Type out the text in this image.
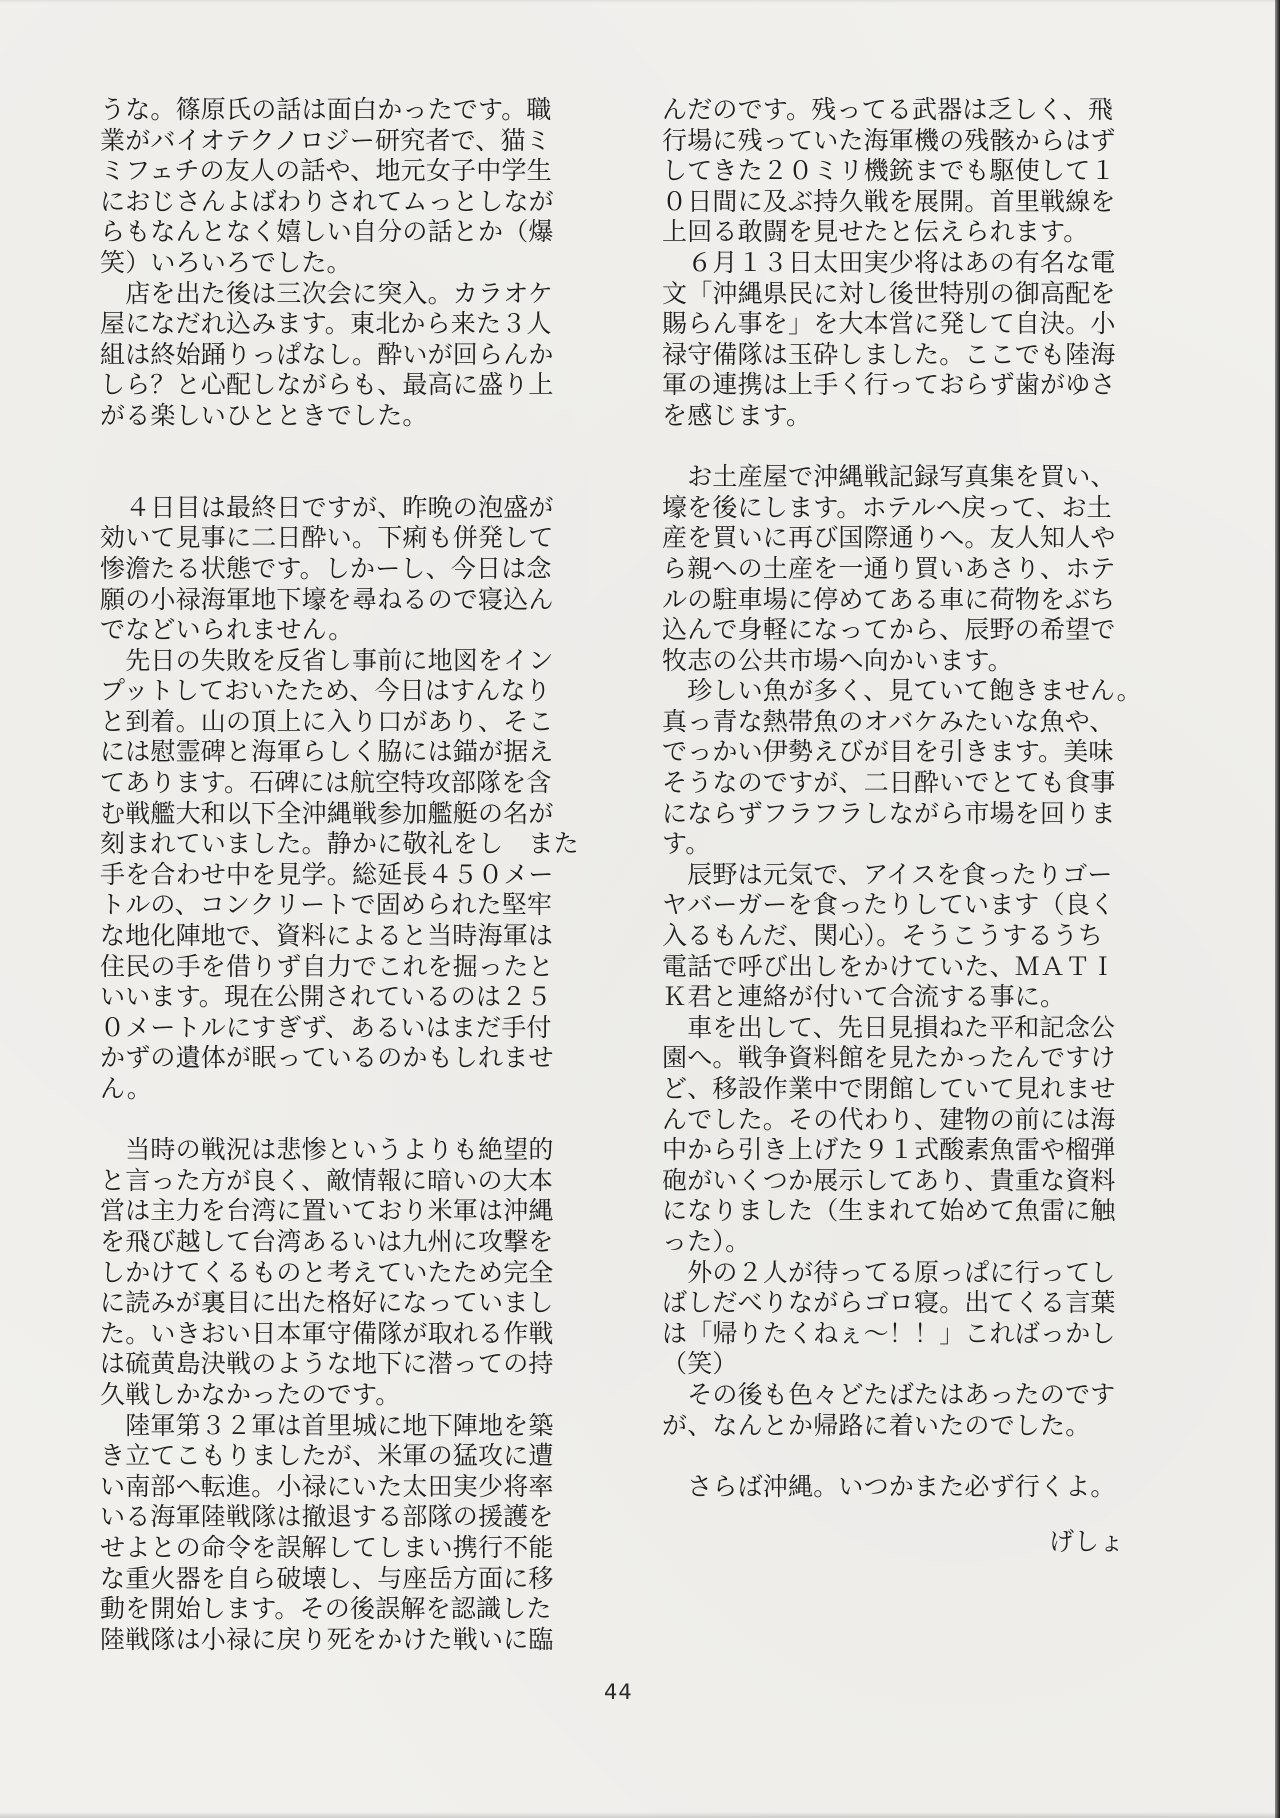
うな。篠原氏の話は面白かったです。職
業がバイオテクノロジー研究者で、猫ミ
ミフェチの友人の話や、地元女子中学生
におじさんよばわりされてムっとしなが
らもなんとなく嬉しい自分の話とか（爆
笑）いろいろでした。
　店を出た後は三次会に突入。カラオケ
屋になだれ込みます。東北から来た３人
組は終始踊りっぱなし。酔いが回らんか
しら？と心配しながらも、最高に盛り上
がる楽しいひとときでした。
　４日目は最終日ですが、昨晩の泡盛が
効いて見事に二日酔い。下痢も併発して
惨澹たる状態です。しかーし、今日は念
願の小禄海軍地下壕を尋ねるので寝込ん
でなどいられません。
　先日の失敗を反省し事前に地図をイン
プットしておいたため、今日はすんなり
と到着。山の頂上に入り口があり、そこ
には慰霊碑と海軍らしく脇には錨が据え
てあります。石碑には航空特攻部隊を含
む戦艦大和以下全沖縄戦参加艦艇の名が
刻まれていました。静かに敬礼をし　また
手を合わせ中を見学。総延長４５０メー
トルの、コンクリートで固められた堅牢
な地化陣地で、資料によると当時海軍は
住民の手を借りず自力でこれを掘ったと
いいます。現在公開されているのは２５
０メートルにすぎず、あるいはまだ手付
かずの遺体が眠っているのかもしれませ
ん。
　当時の戦況は悲惨というよりも絶望的
と言った方が良く、敵情報に暗いの大本
営は主力を台湾に置いており米軍は沖縄
を飛び越して台湾あるいは九州に攻撃を
しかけてくるものと考えていたため完全
に読みが裏目に出た格好になっていまし
た。いきおい日本軍守備隊が取れる作戦
は硫黄島決戦のような地下に潜っての持
久戦しかなかったのです。
　陸軍第３２軍は首里城に地下陣地を築
き立てこもりましたが、米軍の猛攻に遭
い南部へ転進。小禄にいた太田実少将率
いる海軍陸戦隊は撤退する部隊の援護を
せよとの命令を誤解してしまい携行不能
な重火器を自ら破壊し、与座岳方面に移
動を開始します。その後誤解を認識した
陸戦隊は小禄に戻り死をかけた戦いに臨
んだのです。残ってる武器は乏しく、飛
行場に残っていた海軍機の残骸からはず
してきた２０ミリ機銃までも駆使して１
０日間に及ぶ持久戦を展開。首里戦線を
上回る敢闘を見せたと伝えられます。
　６月１３日太田実少将はあの有名な電
文「沖縄県民に対し後世特別の御高配を
賜らん事を」を大本営に発して自決。小
禄守備隊は玉砕しました。ここでも陸海
軍の連携は上手く行っておらず歯がゆさ
を感じます。
　お土産屋で沖縄戦記録写真集を買い、
壕を後にします。ホテルへ戻って、お土
産を買いに再び国際通りへ。友人知人や
ら親への土産を一通り買いあさり、ホテ
ルの駐車場に停めてある車に荷物をぶち
込んで身軽になってから、辰野の希望で
牧志の公共市場へ向かいます。
　珍しい魚が多く、見ていて飽きません。
真っ青な熱帯魚のオバケみたいな魚や、
でっかい伊勢えびが目を引きます。美味
そうなのですが、二日酔いでとても食事
にならずフラフラしながら市場を回りま
す。
　辰野は元気で、アイスを食ったりゴー
ヤバーガーを食ったりしています（良く
入るもんだ、関心）。そうこうするうち
電話で呼び出しをかけていた、ＭＡＴＩ
Ｋ君と連絡が付いて合流する事に。
　車を出して、先日見損ねた平和記念公
園へ。戦争資料館を見たかったんですけ
ど、移設作業中で閉館していて見れませ
んでした。その代わり、建物の前には海
中から引き上げた９１式酸素魚雷や榴弾
砲がいくつか展示してあり、貴重な資料
になりました（生まれて始めて魚雷に触
った）。
　外の２人が待ってる原っぱに行ってし
ばしだべりながらゴロ寝。出てくる言葉
は「帰りたくねぇ～！！」こればっかし
（笑）
　その後も色々どたばたはあったのです
が、なんとか帰路に着いたのでした。
　さらば沖縄。いつかまた必ず行くよ。
げしょ
44
